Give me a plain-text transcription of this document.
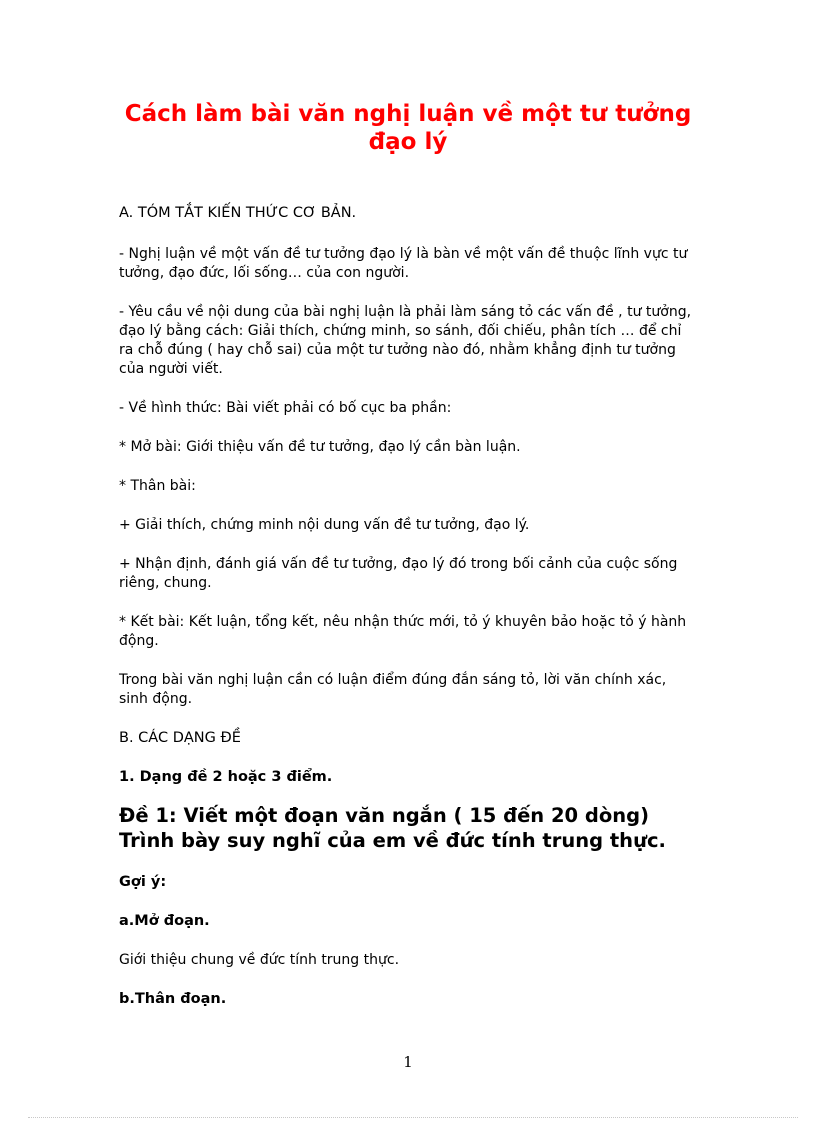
Cách làm bài văn nghị luận về một tư tưởng đạo lý

A. TÓM TẮT KIẾN THỨC CƠ BẢN.

- Nghị luận về một vấn đề tư tưởng đạo lý là bàn về một vấn đề thuộc lĩnh vực tư tưởng, đạo đức, lối sống… của con người.

- Yêu cầu về nội dung của bài nghị luận là phải làm sáng tỏ các vấn đề , tư tưởng, đạo lý bằng cách: Giải thích, chứng minh, so sánh, đối chiếu, phân tích … để chỉ ra chỗ đúng ( hay chỗ sai) của một tư tưởng nào đó, nhằm khẳng định tư tưởng của người viết.

- Về hình thức: Bài viết phải có bố cục ba phần:

* Mở bài: Giới thiệu vấn đề tư tưởng, đạo lý cần bàn luận.

* Thân bài:

+ Giải thích, chứng minh nội dung vấn đề tư tưởng, đạo lý.

+ Nhận định, đánh giá vấn đề tư tưởng, đạo lý đó trong bối cảnh của cuộc sống riêng, chung.

* Kết bài: Kết luận, tổng kết, nêu nhận thức mới, tỏ ý khuyên bảo hoặc tỏ ý hành động.

Trong bài văn nghị luận cần có luận điểm đúng đắn sáng tỏ, lời văn chính xác, sinh động.

B. CÁC DẠNG ĐỀ

1. Dạng đề 2 hoặc 3 điểm.

Đề 1: Viết một đoạn văn ngắn ( 15 đến 20 dòng) Trình bày suy nghĩ của em về đức tính trung thực.

Gợi ý:

a.Mở đoạn.

Giới thiệu chung về đức tính trung thực.

b.Thân đoạn.

1
